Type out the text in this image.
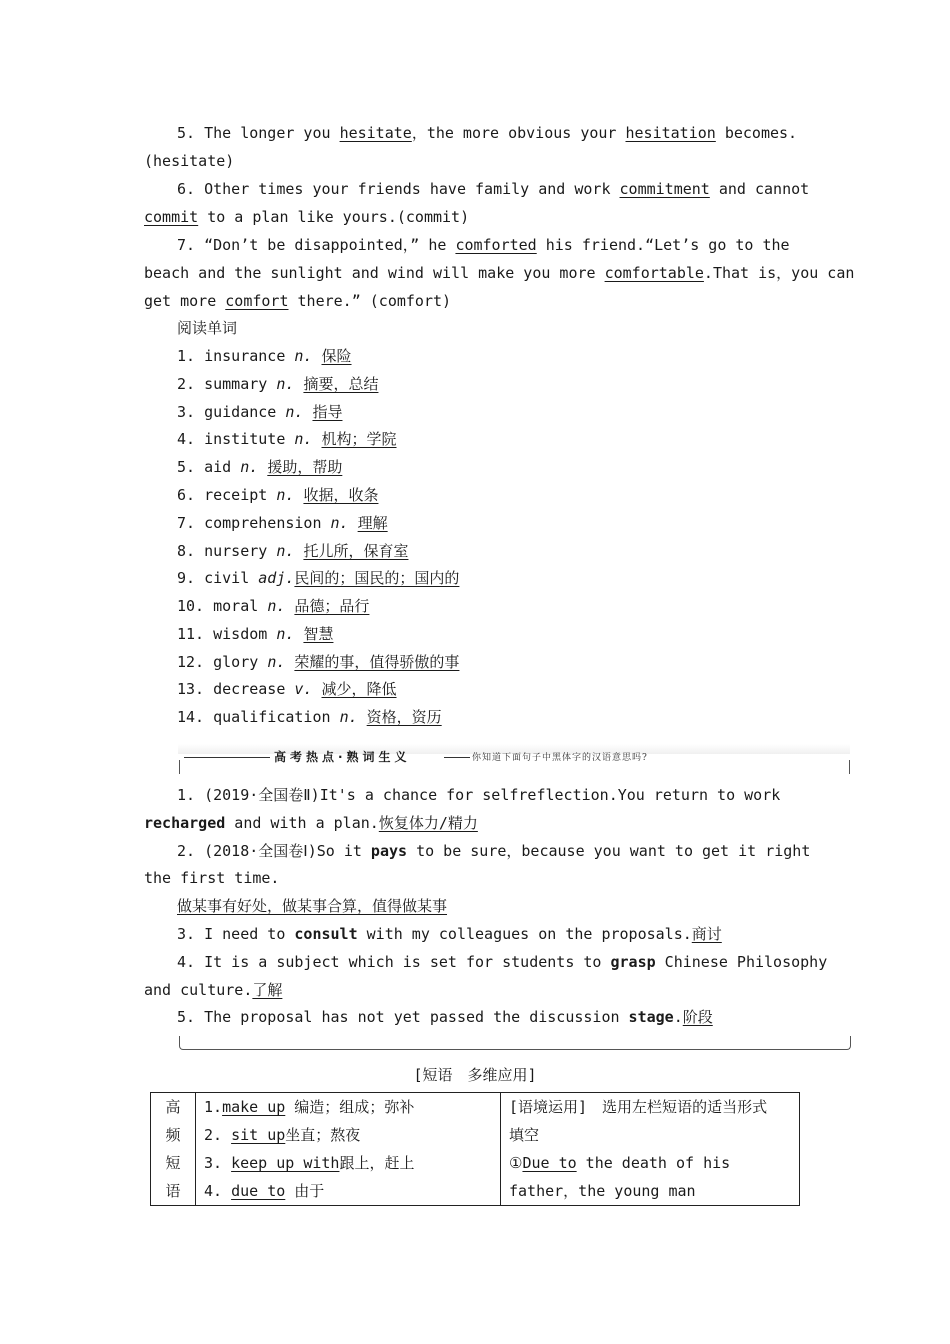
5. The longer you hesitate，the more obvious your hesitation becomes.
(hesitate)
6. Other times your friends have family and work commitment and cannot
commit to a plan like yours.(commit)
7. “Don’t be disappointed，” he comforted his friend.“Let’s go to the
beach and the sunlight and wind will make you more comfortable.That is，you can
get more comfort there.” (comfort)
阅读单词
1. insurance n. 保险
2. summary n. 摘要，总结
3. guidance n. 指导
4. institute n. 机构；学院
5. aid n. 援助，帮助
6. receipt n. 收据，收条
7. comprehension n. 理解
8. nursery n. 托儿所，保育室
9. civil adj.民间的；国民的；国内的
10. moral n. 品德；品行
11. wisdom n. 智慧
12. glory n. 荣耀的事，值得骄傲的事
13. decrease v. 减少，降低
14. qualification n. 资格，资历
高考热点·熟词生义	你知道下面句子中黑体字的汉语意思吗?
1. (2019·全国卷Ⅱ)It's a chance for selfreflection.You return to work
recharged and with a plan.恢复体力/精力
2. (2018·全国卷Ⅰ)So it pays to be sure，because you want to get it right
the first time.
做某事有好处，做某事合算，值得做某事
3. I need to consult with my colleagues on the proposals.商讨
4. It is a subject which is set for students to grasp Chinese Philosophy
and culture.了解
5. The proposal has not yet passed the discussion stage.阶段
[短语　多维应用]
高
频
短
语

1.make up 编造；组成；弥补
2. sit up坐直；熬夜
3. keep up with跟上，赶上
4. due to 由于

[语境运用]　选用左栏短语的适当形式
填空
①Due to the death of his
father，the young man
